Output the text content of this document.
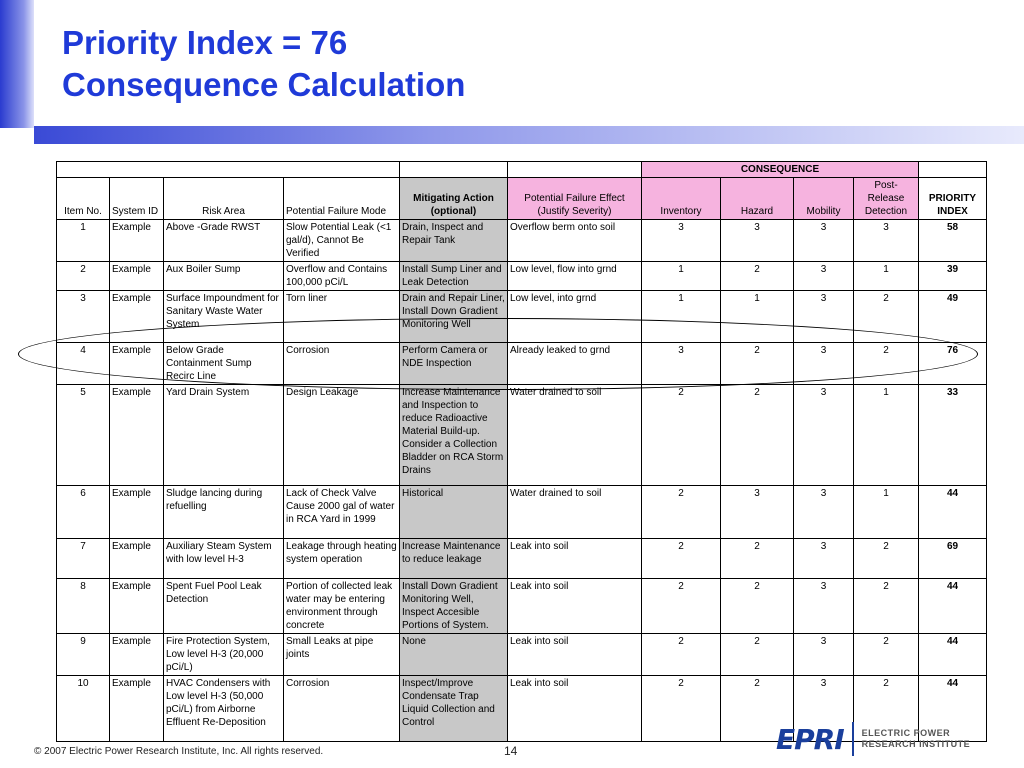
Priority Index = 76
Consequence Calculation
						CONSEQUENCE				
Item No.	System ID	Risk Area	Potential Failure Mode	Mitigating Action (optional)	Potential Failure Effect (Justify Severity)	Inventory	Hazard	Mobility	Post-Release Detection	PRIORITY INDEX
1	Example	Above -Grade RWST	Slow Potential Leak (<1 gal/d), Cannot Be Verified	Drain, Inspect and Repair Tank	Overflow berm onto soil	3	3	3	3	58
2	Example	Aux Boiler Sump	Overflow and Contains 100,000 pCi/L	Install Sump Liner and Leak Detection	Low level, flow into grnd	1	2	3	1	39
3	Example	Surface Impoundment for Sanitary Waste Water System	Torn liner	Drain and Repair Liner, Install Down Gradient Monitoring Well	Low level, into grnd	1	1	3	2	49
4	Example	Below Grade Containment Sump Recirc Line	Corrosion	Perform Camera or NDE Inspection	Already leaked to grnd	3	2	3	2	76
5	Example	Yard Drain System	Design Leakage	Increase Maintenance and Inspection to reduce Radioactive Material Build-up. Consider a Collection Bladder on RCA Storm Drains	Water drained to soil	2	2	3	1	33
6	Example	Sludge lancing during refuelling	Lack of Check Valve Cause 2000 gal of water in RCA Yard in 1999	Historical	Water drained to soil	2	3	3	1	44
7	Example	Auxiliary Steam System with low level H-3	Leakage through heating system operation	Increase Maintenance to reduce leakage	Leak into soil	2	2	3	2	69
8	Example	Spent Fuel Pool Leak Detection	Portion of collected leak water may be entering environment through concrete	Install Down Gradient Monitoring Well, Inspect Accesible Portions of System.	Leak into soil	2	2	3	2	44
9	Example	Fire Protection System, Low level H-3 (20,000 pCi/L)	Small Leaks at pipe joints	None	Leak into soil	2	2	3	2	44
10	Example	HVAC Condensers with Low level H-3 (50,000 pCi/L) from Airborne Effluent Re-Deposition	Corrosion	Inspect/Improve Condensate Trap Liquid Collection and Control	Leak into soil	2	2	3	2	44
© 2007 Electric Power Research Institute, Inc. All rights reserved.	14	EPRI ELECTRIC POWER
RESEARCH INSTITUTE
